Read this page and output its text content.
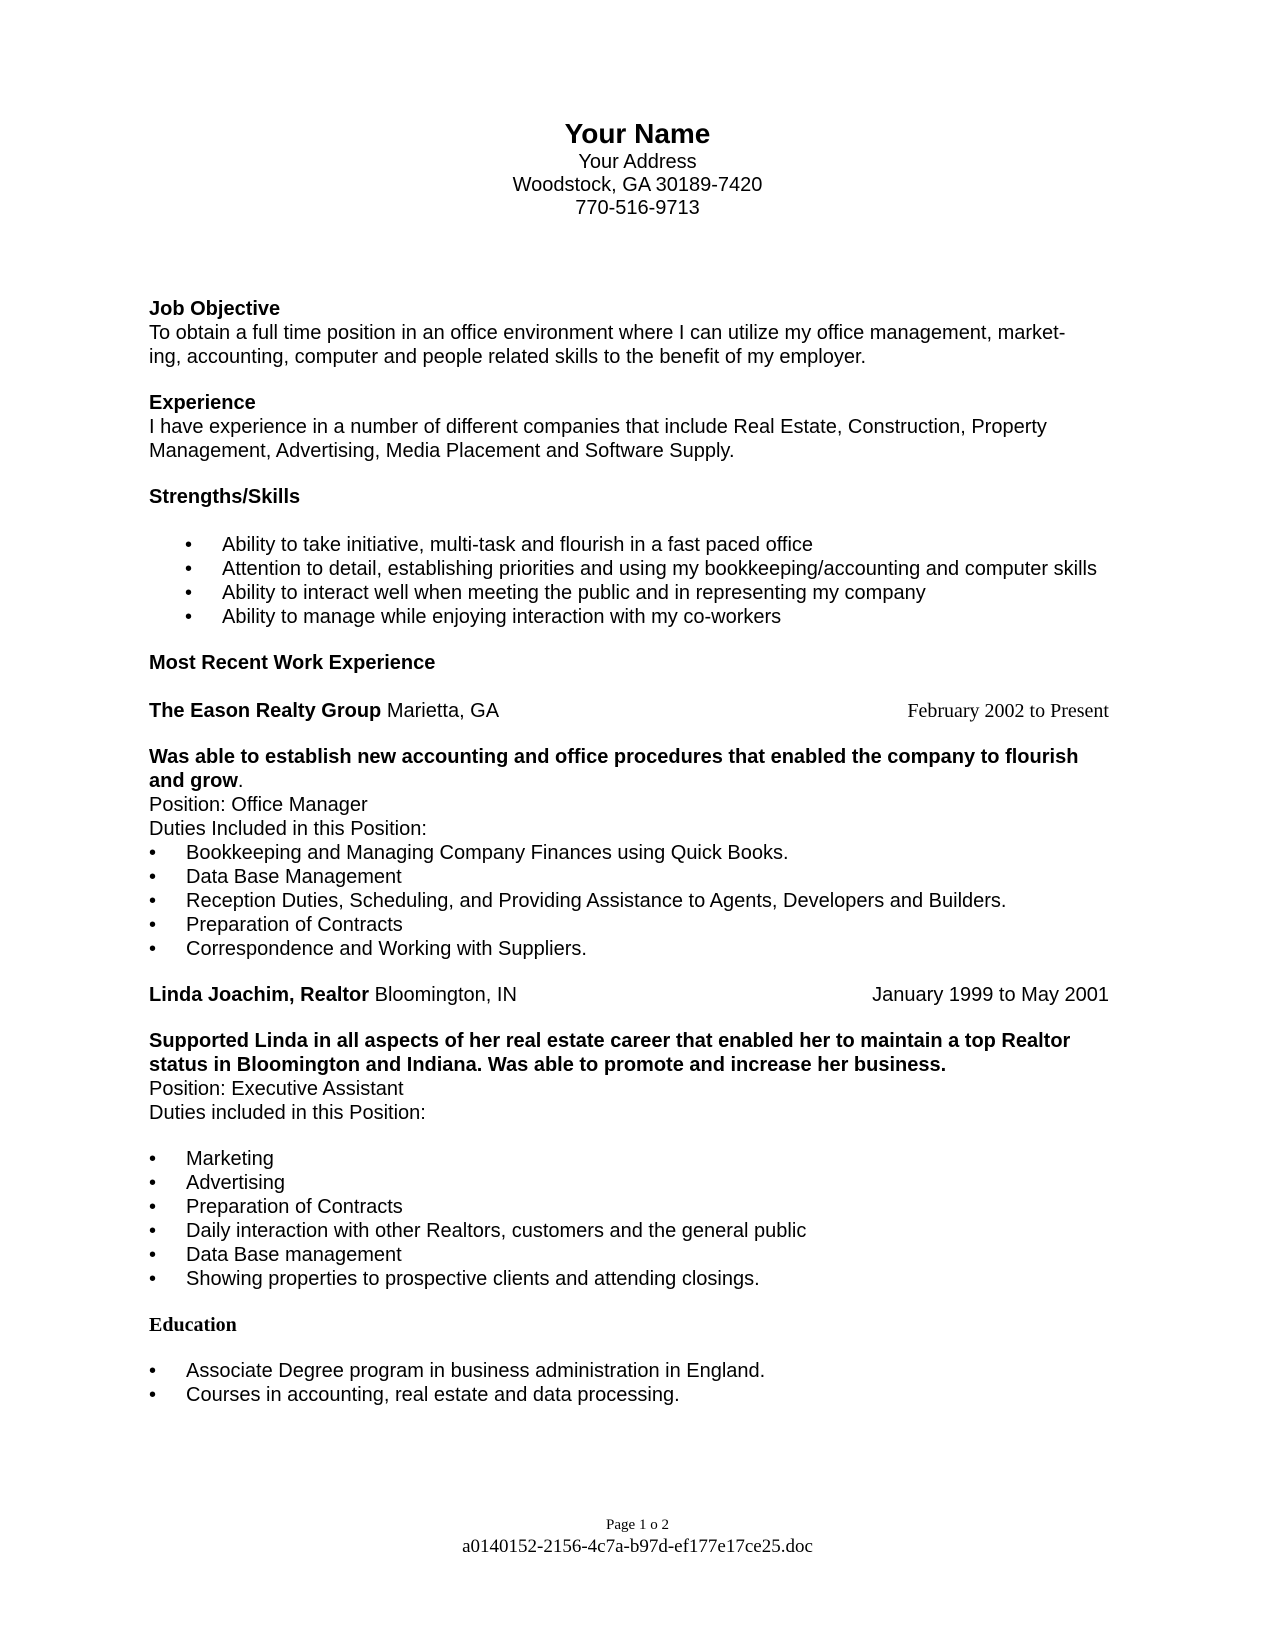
Your Name

Your Address

Woodstock, GA 30189-7420

770-516-9713

Job Objective

To obtain a full time position in an office environment where I can utilize my office management, market-

ing, accounting, computer and people related skills to the benefit of my employer.

Experience

I have experience in a number of different companies that include Real Estate, Construction, Property

Management, Advertising, Media Placement and Software Supply.

Strengths/Skills

• Ability to take initiative, multi-task and flourish in a fast paced office
• Attention to detail, establishing priorities and using my bookkeeping/accounting and computer skills
• Ability to interact well when meeting the public and in representing my company
• Ability to manage while enjoying interaction with my co-workers

Most Recent Work Experience

The Eason Realty Group Marietta, GA	February 2002 to Present

Was able to establish new accounting and office procedures that enabled the company to flourish

and grow.

Position: Office Manager

Duties Included in this Position:

• Bookkeeping and Managing Company Finances using Quick Books.
• Data Base Management
• Reception Duties, Scheduling, and Providing Assistance to Agents, Developers and Builders.
• Preparation of Contracts
• Correspondence and Working with Suppliers.
Linda Joachim, Realtor Bloomington, IN	January 1999 to May 2001

Supported Linda in all aspects of her real estate career that enabled her to maintain a top Realtor

status in Bloomington and Indiana. Was able to promote and increase her business.

Position: Executive Assistant

Duties included in this Position:

• Marketing
• Advertising
• Preparation of Contracts
• Daily interaction with other Realtors, customers and the general public
• Data Base management
• Showing properties to prospective clients and attending closings.

Education

• Associate Degree program in business administration in England.
• Courses in accounting, real estate and data processing.
Page 1 o 2
a0140152-2156-4c7a-b97d-ef177e17ce25.doc
